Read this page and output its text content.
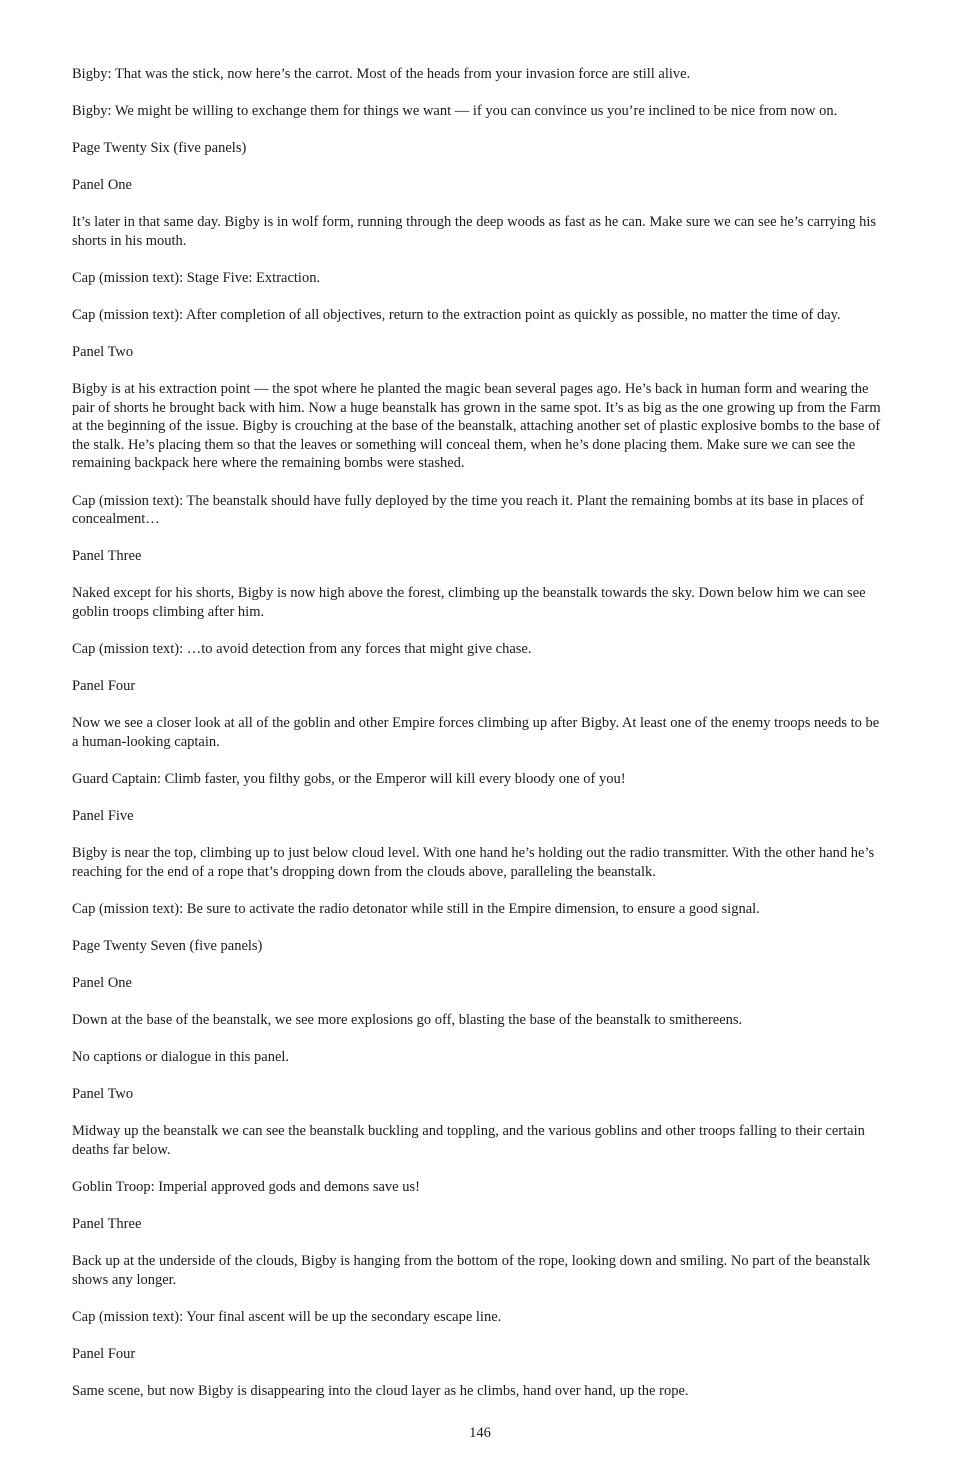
Bigby: That was the stick, now here’s the carrot. Most of the heads from your invasion force are still alive.

Bigby: We might be willing to exchange them for things we want — if you can convince us you’re inclined to be nice from now on.

Page Twenty Six (five panels)

Panel One

It’s later in that same day. Bigby is in wolf form, running through the deep woods as fast as he can. Make sure we can see he’s carrying his shorts in his mouth.

Cap (mission text): Stage Five: Extraction.

Cap (mission text): After completion of all objectives, return to the extraction point as quickly as possible, no matter the time of day.

Panel Two

Bigby is at his extraction point — the spot where he planted the magic bean several pages ago. He’s back in human form and wearing the pair of shorts he brought back with him. Now a huge beanstalk has grown in the same spot. It’s as big as the one growing up from the Farm at the beginning of the issue. Bigby is crouching at the base of the beanstalk, attaching another set of plastic explosive bombs to the base of the stalk. He’s placing them so that the leaves or something will conceal them, when he’s done placing them. Make sure we can see the remaining backpack here where the remaining bombs were stashed.

Cap (mission text): The beanstalk should have fully deployed by the time you reach it. Plant the remaining bombs at its base in places of concealment…

Panel Three

Naked except for his shorts, Bigby is now high above the forest, climbing up the beanstalk towards the sky. Down below him we can see goblin troops climbing after him.

Cap (mission text): …to avoid detection from any forces that might give chase.

Panel Four

Now we see a closer look at all of the goblin and other Empire forces climbing up after Bigby. At least one of the enemy troops needs to be a human-looking captain.

Guard Captain: Climb faster, you filthy gobs, or the Emperor will kill every bloody one of you!

Panel Five

Bigby is near the top, climbing up to just below cloud level. With one hand he’s holding out the radio transmitter. With the other hand he’s reaching for the end of a rope that’s dropping down from the clouds above, paralleling the beanstalk.

Cap (mission text): Be sure to activate the radio detonator while still in the Empire dimension, to ensure a good signal.

Page Twenty Seven (five panels)

Panel One

Down at the base of the beanstalk, we see more explosions go off, blasting the base of the beanstalk to smithereens.

No captions or dialogue in this panel.

Panel Two

Midway up the beanstalk we can see the beanstalk buckling and toppling, and the various goblins and other troops falling to their certain deaths far below.

Goblin Troop: Imperial approved gods and demons save us!

Panel Three

Back up at the underside of the clouds, Bigby is hanging from the bottom of the rope, looking down and smiling. No part of the beanstalk shows any longer.

Cap (mission text): Your final ascent will be up the secondary escape line.

Panel Four

Same scene, but now Bigby is disappearing into the cloud layer as he climbs, hand over hand, up the rope.

146
